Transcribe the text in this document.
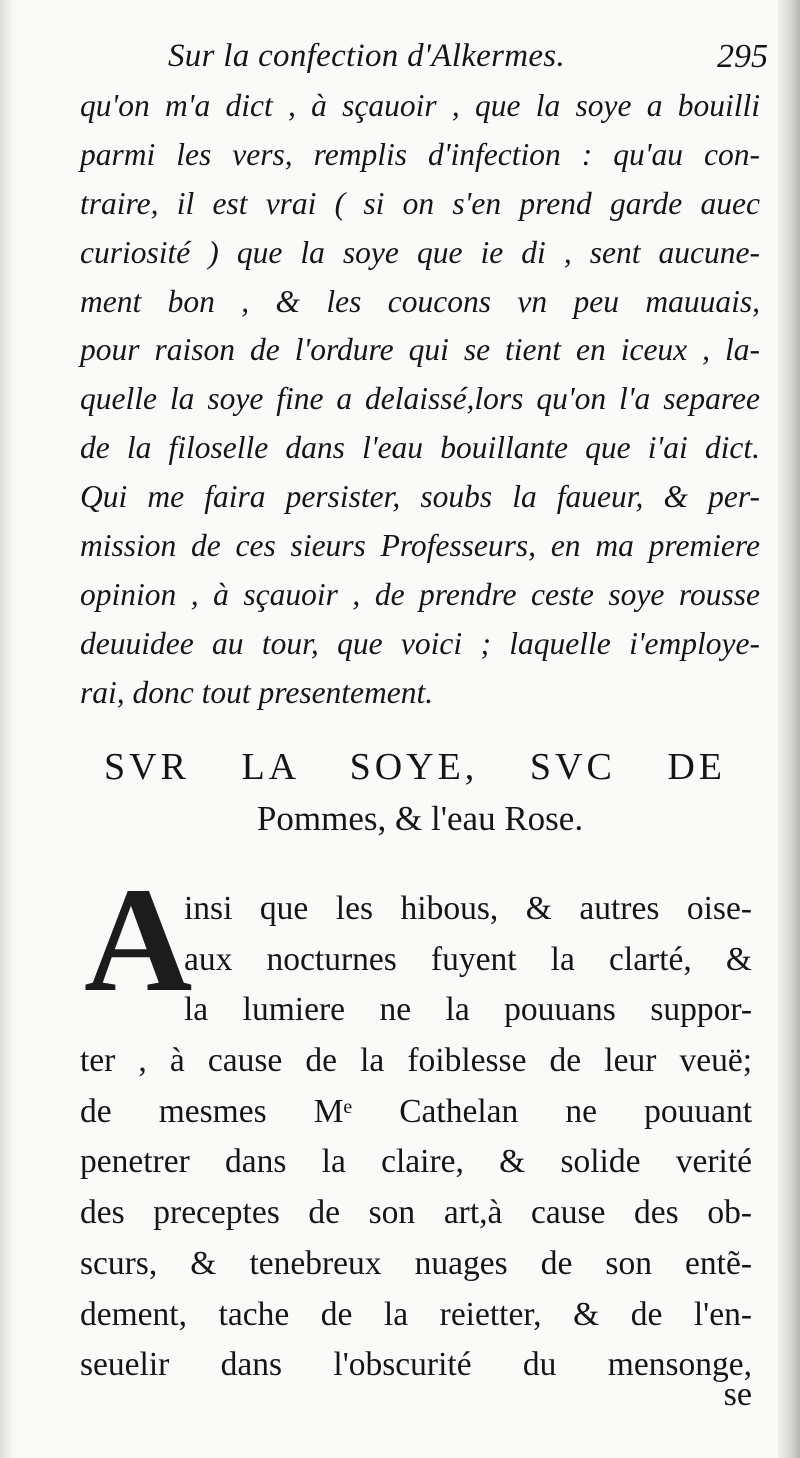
Sur la confection d'Alkermes.	295
qu'on m'a dict , à sçauoir , que la soye a bouilli
parmi les vers, remplis d'infection : qu'au con-
traire, il est vrai ( si on s'en prend garde auec
curiosité ) que la soye que ie di , sent aucune-
ment bon , & les coucons vn peu mauuais,
pour raison de l'ordure qui se tient en iceux , la-
quelle la soye fine a delaissé,lors qu'on l'a separee
de la filoselle dans l'eau bouillante que i'ai dict.
Qui me faira persister, soubs la faueur, & per-
mission de ces sieurs Professeurs, en ma premiere
opinion , à sçauoir , de prendre ceste soye rousse
deuuidee au tour, que voici ; laquelle i'employe-
rai, donc tout presentement.
SVR LA SOYE, SVC DE
Pommes, & l'eau Rose.
A
insi que les hibous, & autres oise-
aux nocturnes fuyent la clarté, &
la lumiere ne la pouuans suppor-
ter , à cause de la foiblesse de leur veuë;
de mesmes Mᵉ Cathelan ne pouuant
penetrer dans la claire, & solide verité
des preceptes de son art,à cause des ob-
scurs, & tenebreux nuages de son entẽ-
dement, tache de la reietter, & de l'en-
seuelir dans l'obscurité du mensonge,
se
